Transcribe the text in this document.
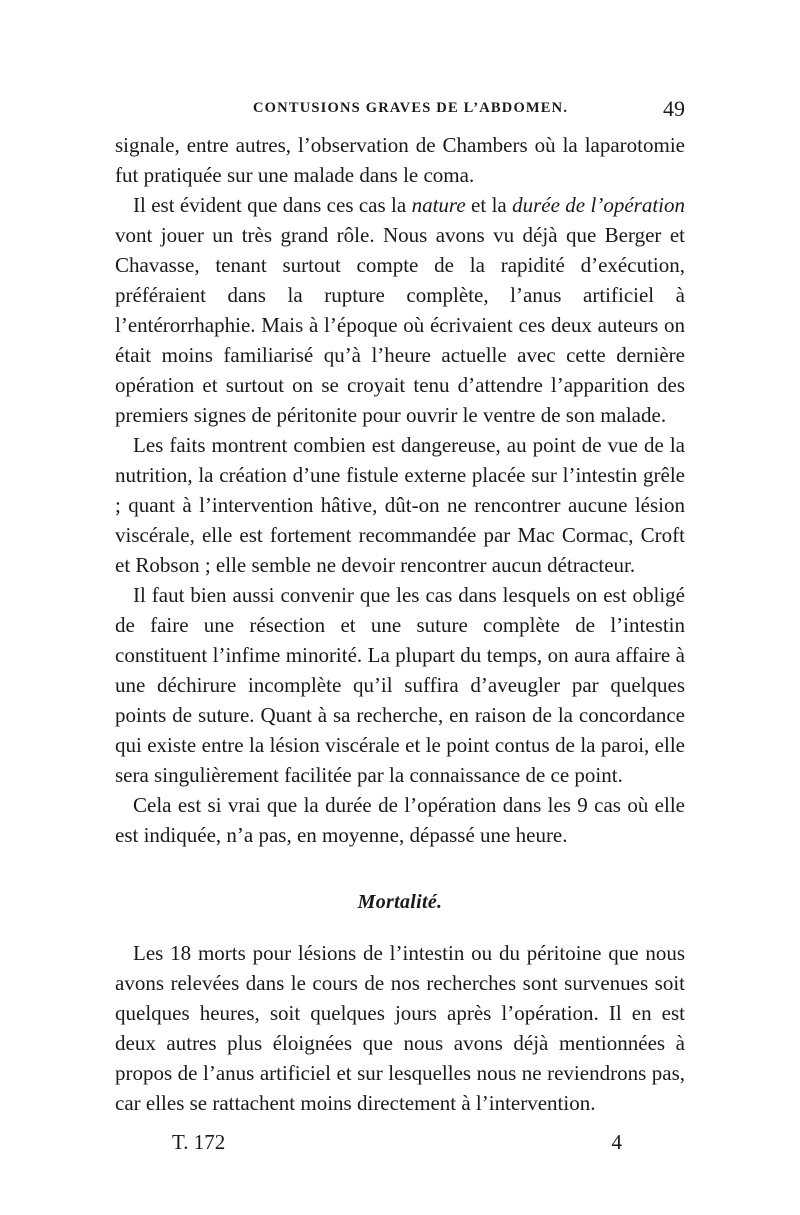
CONTUSIONS GRAVES DE L’ABDOMEN.	49

signale, entre autres, l’observation de Chambers où la laparotomie fut pratiquée sur une malade dans le coma.

Il est évident que dans ces cas la nature et la durée de l’opération vont jouer un très grand rôle. Nous avons vu déjà que Berger et Chavasse, tenant surtout compte de la rapidité d’exécution, préféraient dans la rupture complète, l’anus artificiel à l’entérorrhaphie. Mais à l’époque où écrivaient ces deux auteurs on était moins familiarisé qu’à l’heure actuelle avec cette dernière opération et surtout on se croyait tenu d’attendre l’apparition des premiers signes de péritonite pour ouvrir le ventre de son malade.

Les faits montrent combien est dangereuse, au point de vue de la nutrition, la création d’une fistule externe placée sur l’intestin grêle ; quant à l’intervention hâtive, dût-on ne rencontrer aucune lésion viscérale, elle est fortement recommandée par Mac Cormac, Croft et Robson ; elle semble ne devoir rencontrer aucun détracteur.

Il faut bien aussi convenir que les cas dans lesquels on est obligé de faire une résection et une suture complète de l’intestin constituent l’infime minorité. La plupart du temps, on aura affaire à une déchirure incomplète qu’il suffira d’aveugler par quelques points de suture. Quant à sa recherche, en raison de la concordance qui existe entre la lésion viscérale et le point contus de la paroi, elle sera singulièrement facilitée par la connaissance de ce point.

Cela est si vrai que la durée de l’opération dans les 9 cas où elle est indiquée, n’a pas, en moyenne, dépassé une heure.

Mortalité.

Les 18 morts pour lésions de l’intestin ou du péritoine que nous avons relevées dans le cours de nos recherches sont survenues soit quelques heures, soit quelques jours après l’opération. Il en est deux autres plus éloignées que nous avons déjà mentionnées à propos de l’anus artificiel et sur lesquelles nous ne reviendrons pas, car elles se rattachent moins directement à l’intervention.

T. 172	4
